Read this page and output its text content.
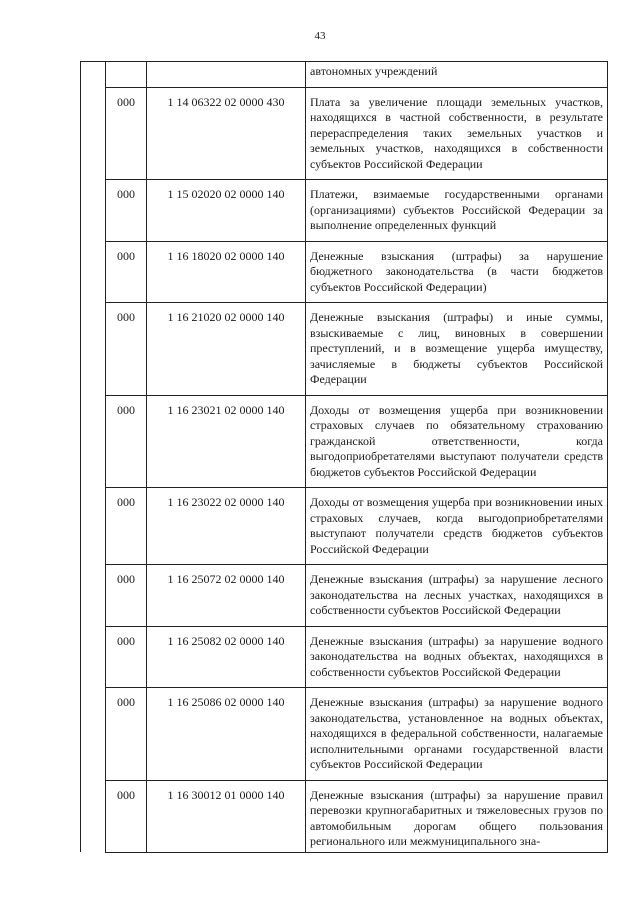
43
			автономных учреждений
	000	1 14 06322 02 0000 430	Плата за увеличение площади земельных участков, находящихся в частной собственности, в результате перераспределения таких земельных участков и земельных участков, находящихся в собственности субъектов Российской Федерации
	000	1 15 02020 02 0000 140	Платежи, взимаемые государственными органами (организациями) субъектов Российской Федерации за выполнение определенных функций
	000	1 16 18020 02 0000 140	Денежные взыскания (штрафы) за нарушение бюджетного законодательства (в части бюджетов субъектов Российской Федерации)
	000	1 16 21020 02 0000 140	Денежные взыскания (штрафы) и иные суммы, взыскиваемые с лиц, виновных в совершении преступлений, и в возмещение ущерба имуществу, зачисляемые в бюджеты субъектов Российской Федерации
	000	1 16 23021 02 0000 140	Доходы от возмещения ущерба при возникновении страховых случаев по обязательному страхованию гражданской ответственности, когда выгодоприобретателями выступают получатели средств бюджетов субъектов Российской Федерации
	000	1 16 23022 02 0000 140	Доходы от возмещения ущерба при возникновении иных страховых случаев, когда выгодоприобретателями выступают получатели средств бюджетов субъектов Российской Федерации
	000	1 16 25072 02 0000 140	Денежные взыскания (штрафы) за нарушение лесного законодательства на лесных участках, находящихся в собственности субъектов Российской Федерации
	000	1 16 25082 02 0000 140	Денежные взыскания (штрафы) за нарушение водного законодательства на водных объектах, находящихся в собственности субъектов Российской Федерации
	000	1 16 25086 02 0000 140	Денежные взыскания (штрафы) за нарушение водного законодательства, установленное на водных объектах, находящихся в федеральной собственности, налагаемые исполнительными органами государственной власти субъектов Российской Федерации
	000	1 16 30012 01 0000 140	Денежные взыскания (штрафы) за нарушение правил перевозки крупногабаритных и тяжеловесных грузов по автомобильным дорогам общего пользования регионального или межмуниципального зна-
